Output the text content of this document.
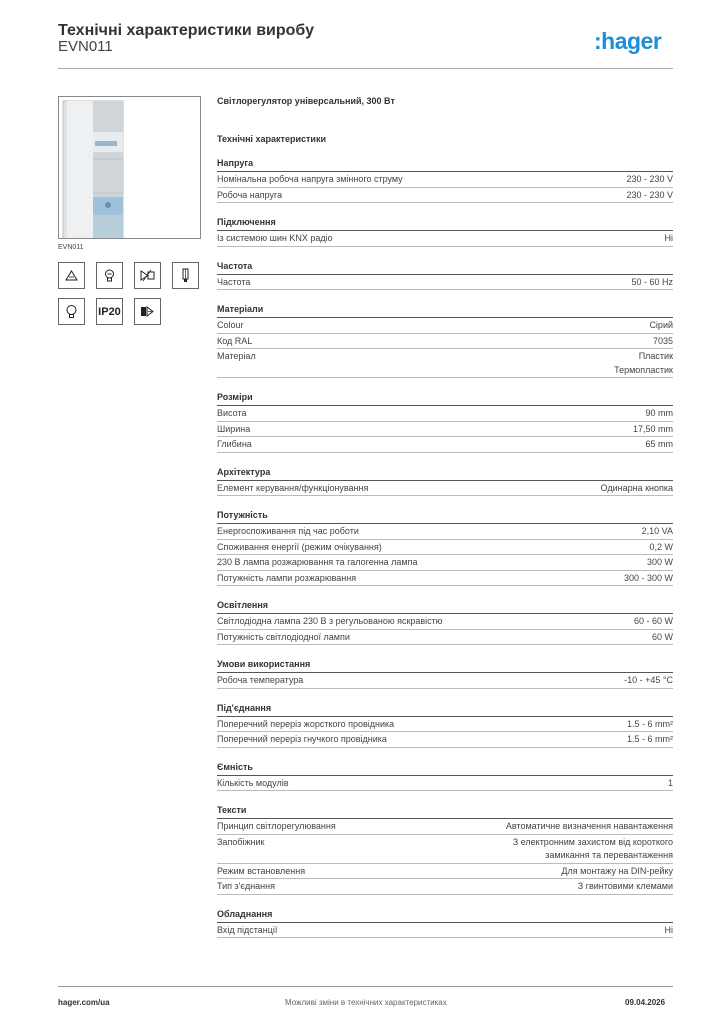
Технічні характеристики виробу
EVN011	:hager
EVN011
IP20
Світлорегулятор універсальний, 300 Вт
Технічні характеристики
Напруга
Номінальна робоча напруга змінного струму	230 - 230 V
Робоча напруга	230 - 230 V
Підключення
Із системою шин KNX радіо	Ні
Частота
Частота	50 - 60 Hz
Матеріали
Colour	Сірий
Код RAL	7035
Матеріал	Пластик
Термопластик
Розміри
Висота	90 mm
Ширина	17,50 mm
Глибина	65 mm
Архітектура
Елемент керування/функціонування	Одинарна кнопка
Потужність
Енергоспоживання під час роботи	2,10 VA
Споживання енергії (режим очікування)	0,2 W
230 В лампа розжарювання та галогенна лампа	300 W
Потужність лампи розжарювання	300 - 300 W
Освітлення
Світлодіодна лампа 230 В з регульованою яскравістю	60 - 60 W
Потужність світлодіодної лампи	60 W
Умови використання
Робоча температура	-10 - +45 °C
Під'єднання
Поперечний переріз жорсткого провідника	1.5 - 6 mm²
Поперечний переріз гнучкого провідника	1.5 - 6 mm²
Ємність
Кількість модулів	1
Тексти
Принцип світлорегулювання	Автоматичне визначення навантаження
Запобіжник	З електронним захистом від короткого
замикання та перевантаження
Режим встановлення	Для монтажу на DIN-рейку
Тип з'єднання	З гвинтовими клемами
Обладнання
Вхід підстанції	Ні
hager.com/ua	Можливі зміни в технічних характеристиках	09.04.2026
